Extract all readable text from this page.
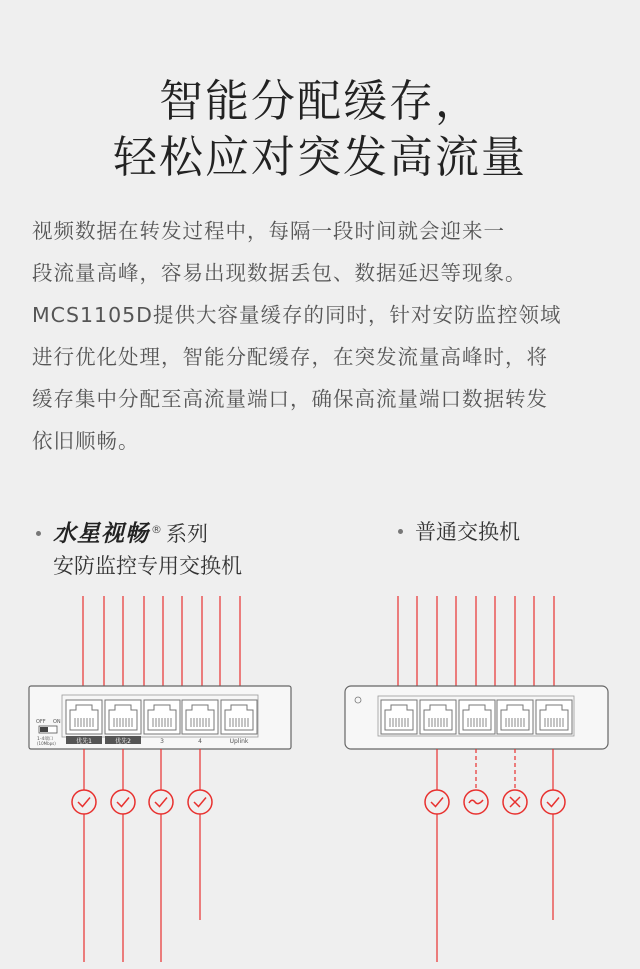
智能分配缓存，
轻松应对突发高流量
视频数据在转发过程中，每隔一段时间就会迎来一
段流量高峰，容易出现数据丢包、数据延迟等现象。
MCS1105D提供大容量缓存的同时，针对安防监控领域
进行优化处理，智能分配缓存，在突发流量高峰时，将
缓存集中分配至高流量端口，确保高流量端口数据转发
依旧顺畅。
水星视畅 ® 系列
安防监控专用交换机
普通交换机
OFF ON
1-4端口
(10Mbps)	优先1	优先2	3	4	Uplink
